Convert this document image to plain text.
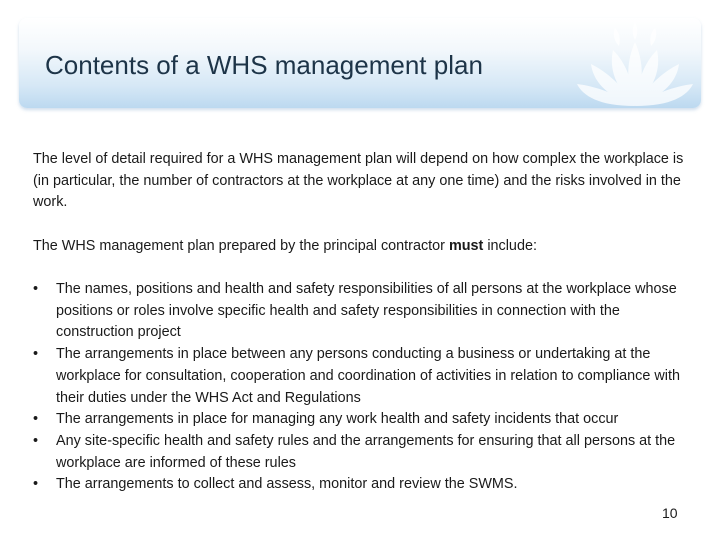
Contents of a WHS management plan

The level of detail required for a WHS management plan will depend on how complex the workplace is (in particular, the number of contractors at the workplace at any one time) and the risks involved in the work.

The WHS management plan prepared by the principal contractor must include:

• The names, positions and health and safety responsibilities of all persons at the workplace whose positions or roles involve specific health and safety responsibilities in connection with the construction project
• The arrangements in place between any persons conducting a business or undertaking at the workplace for consultation, cooperation and coordination of activities in relation to compliance with their duties under the WHS Act and Regulations
• The arrangements in place for managing any work health and safety incidents that occur
• Any site-specific health and safety rules and the arrangements for ensuring that all persons at the workplace are informed of these rules
• The arrangements to collect and assess, monitor and review the SWMS.
10
